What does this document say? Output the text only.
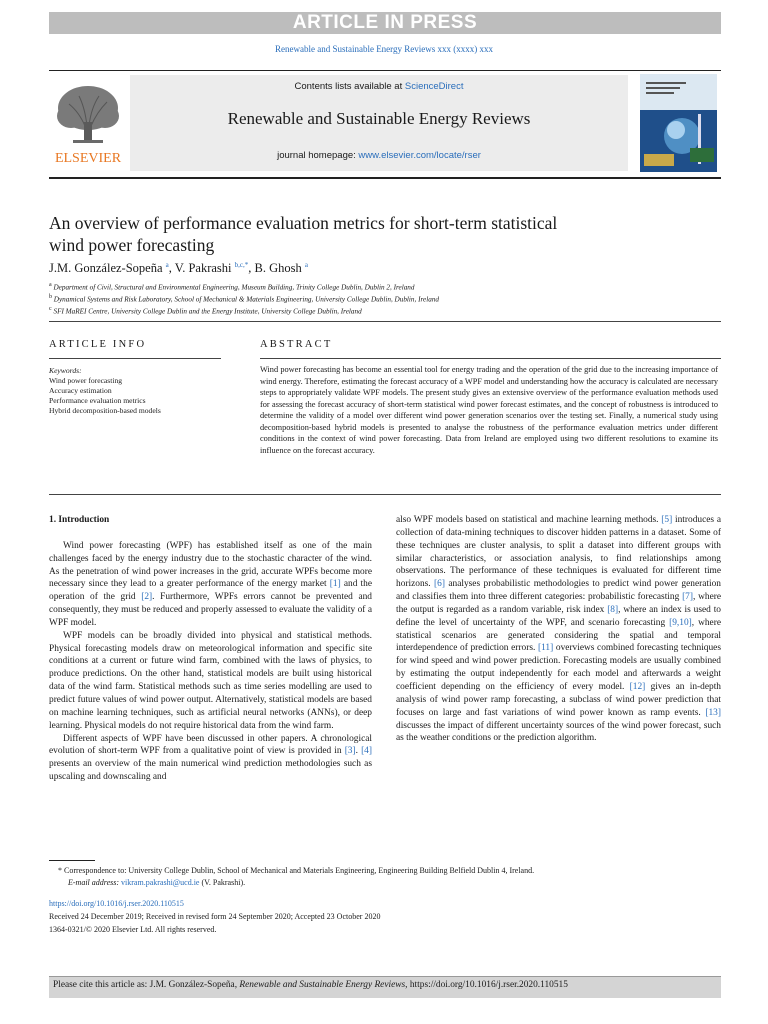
ARTICLE IN PRESS
Renewable and Sustainable Energy Reviews xxx (xxxx) xxx
ELSEVIER
Contents lists available at ScienceDirect
Renewable and Sustainable Energy Reviews
journal homepage: www.elsevier.com/locate/rser
An overview of performance evaluation metrics for short-term statistical
wind power forecasting
J.M. González-Sopeña $^a$, V. Pakrashi $^{b,c,*}$, B. Ghosh $^a$
$^a$ Department of Civil, Structural and Environmental Engineering, Museum Building, Trinity College Dublin, Dublin 2, Ireland
$^b$ Dynamical Systems and Risk Laboratory, School of Mechanical & Materials Engineering, University College Dublin, Dublin, Ireland
$^c$ SFI MaREI Centre, University College Dublin and the Energy Institute, University College Dublin, Ireland
ARTICLE INFO	ABSTRACT
Keywords:
Wind power forecasting
Accuracy estimation
Performance evaluation metrics
Hybrid decomposition-based models
Wind power forecasting has become an essential tool for energy trading and the operation of the grid due to the increasing importance of wind energy. Therefore, estimating the forecast accuracy of a WPF model and understanding how the accuracy is calculated are necessary steps to appropriately validate WPF models. The present study gives an extensive overview of the performance evaluation methods used for assessing the forecast accuracy of short-term statistical wind power forecast estimates, and the concept of robustness is introduced to determine the validity of a model over different wind power generation scenarios over the testing set. Finally, a numerical study using decomposition-based hybrid models is presented to analyse the robustness of the performance evaluation metrics under different conditions in the context of wind power forecasting. Data from Ireland are employed using two different resolutions to examine its influence on the forecast accuracy.
1. Introduction

Wind power forecasting (WPF) has established itself as one of the main challenges faced by the energy industry due to the stochastic character of the wind. As the penetration of wind power increases in the grid, accurate WPFs become more necessary since they lead to a greater performance of the energy market [1] and the operation of the grid [2]. Furthermore, WPFs errors cannot be prevented and consequently, they must be reduced and properly assessed to evaluate the validity of a WPF model.

WPF models can be broadly divided into physical and statistical methods. Physical forecasting models draw on meteorological information and specific site conditions at a current or future wind farm, combined with the laws of physics, to produce predictions. On the other hand, statistical models are built using historical data of the wind farm. Statistical methods such as time series modelling are used to predict future values of wind power output. Alternatively, statistical models are based on machine learning techniques, such as artificial neural networks (ANNs), or deep learning. Physical models do not require historical data from the wind farm.

Different aspects of WPF have been discussed in other papers. A chronological evolution of short-term WPF from a qualitative point of view is provided in [3]. [4] presents an overview of the main numerical wind prediction methodologies such as upscaling and downscaling and

also WPF models based on statistical and machine learning methods. [5] introduces a collection of data-mining techniques to discover hidden patterns in a dataset. Some of these techniques are cluster analysis, to split a dataset into different groups with similar characteristics, or association analysis, to find relationships among observations. The performance of these techniques is evaluated for different time horizons. [6] analyses probabilistic methodologies to predict wind power generation and classifies them into three different categories: probabilistic forecasting [7], where the output is regarded as a random variable, risk index [8], where an index is used to define the level of uncertainty of the WPF, and scenario forecasting [9,10], where statistical scenarios are generated considering the spatial and temporal interdependence of prediction errors. [11] overviews combined forecasting techniques for wind speed and wind power prediction. Forecasting models are usually combined by estimating the output independently for each model and afterwards a weight coefficient depending on the efficiency of every model. [12] gives an in-depth analysis of wind power ramp forecasting, a subclass of wind power prediction that focuses on large and fast variations of wind power known as ramp events. [13] discusses the impact of different uncertainty sources of the wind power forecast, such as the weather conditions or the prediction algorithm.

* Correspondence to: University College Dublin, School of Mechanical and Materials Engineering, Engineering Building Belfield Dublin 4, Ireland.
E-mail address: vikram.pakrashi@ucd.ie (V. Pakrashi).
https://doi.org/10.1016/j.rser.2020.110515
Received 24 December 2019; Received in revised form 24 September 2020; Accepted 23 October 2020
1364-0321/© 2020 Elsevier Ltd. All rights reserved.
Please cite this article as: J.M. González-Sopeña, Renewable and Sustainable Energy Reviews, https://doi.org/10.1016/j.rser.2020.110515
